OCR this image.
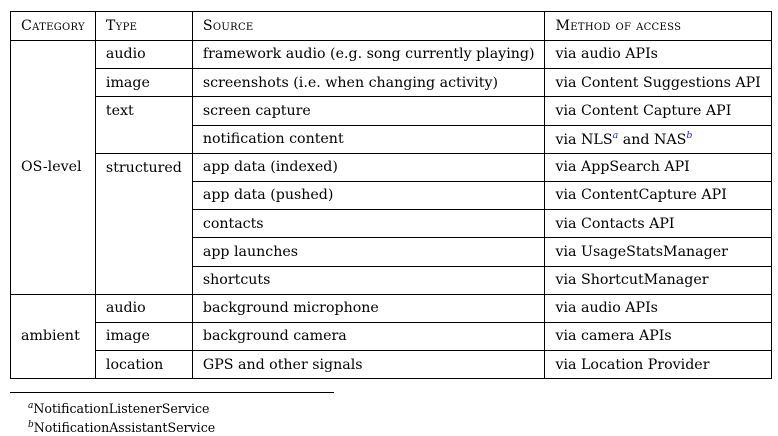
Category	Type	Source	Method of access
OS-level	audio	framework audio (e.g. song currently playing)	via audio APIs
	image	screenshots (i.e. when changing activity)	via Content Suggestions API
	text	screen capture	via Content Capture API
		notification content	via NLS$^a$ and NAS$^b$
	structured	app data (indexed)	via AppSearch API
		app data (pushed)	via ContentCapture API
		contacts	via Contacts API
		app launches	via UsageStatsManager
		shortcuts	via ShortcutManager
ambient	audio	background microphone	via audio APIs
	image	background camera	via camera APIs
	location	GPS and other signals	via Location Provider
$^a$NotificationListenerService
$^b$NotificationAssistantService
